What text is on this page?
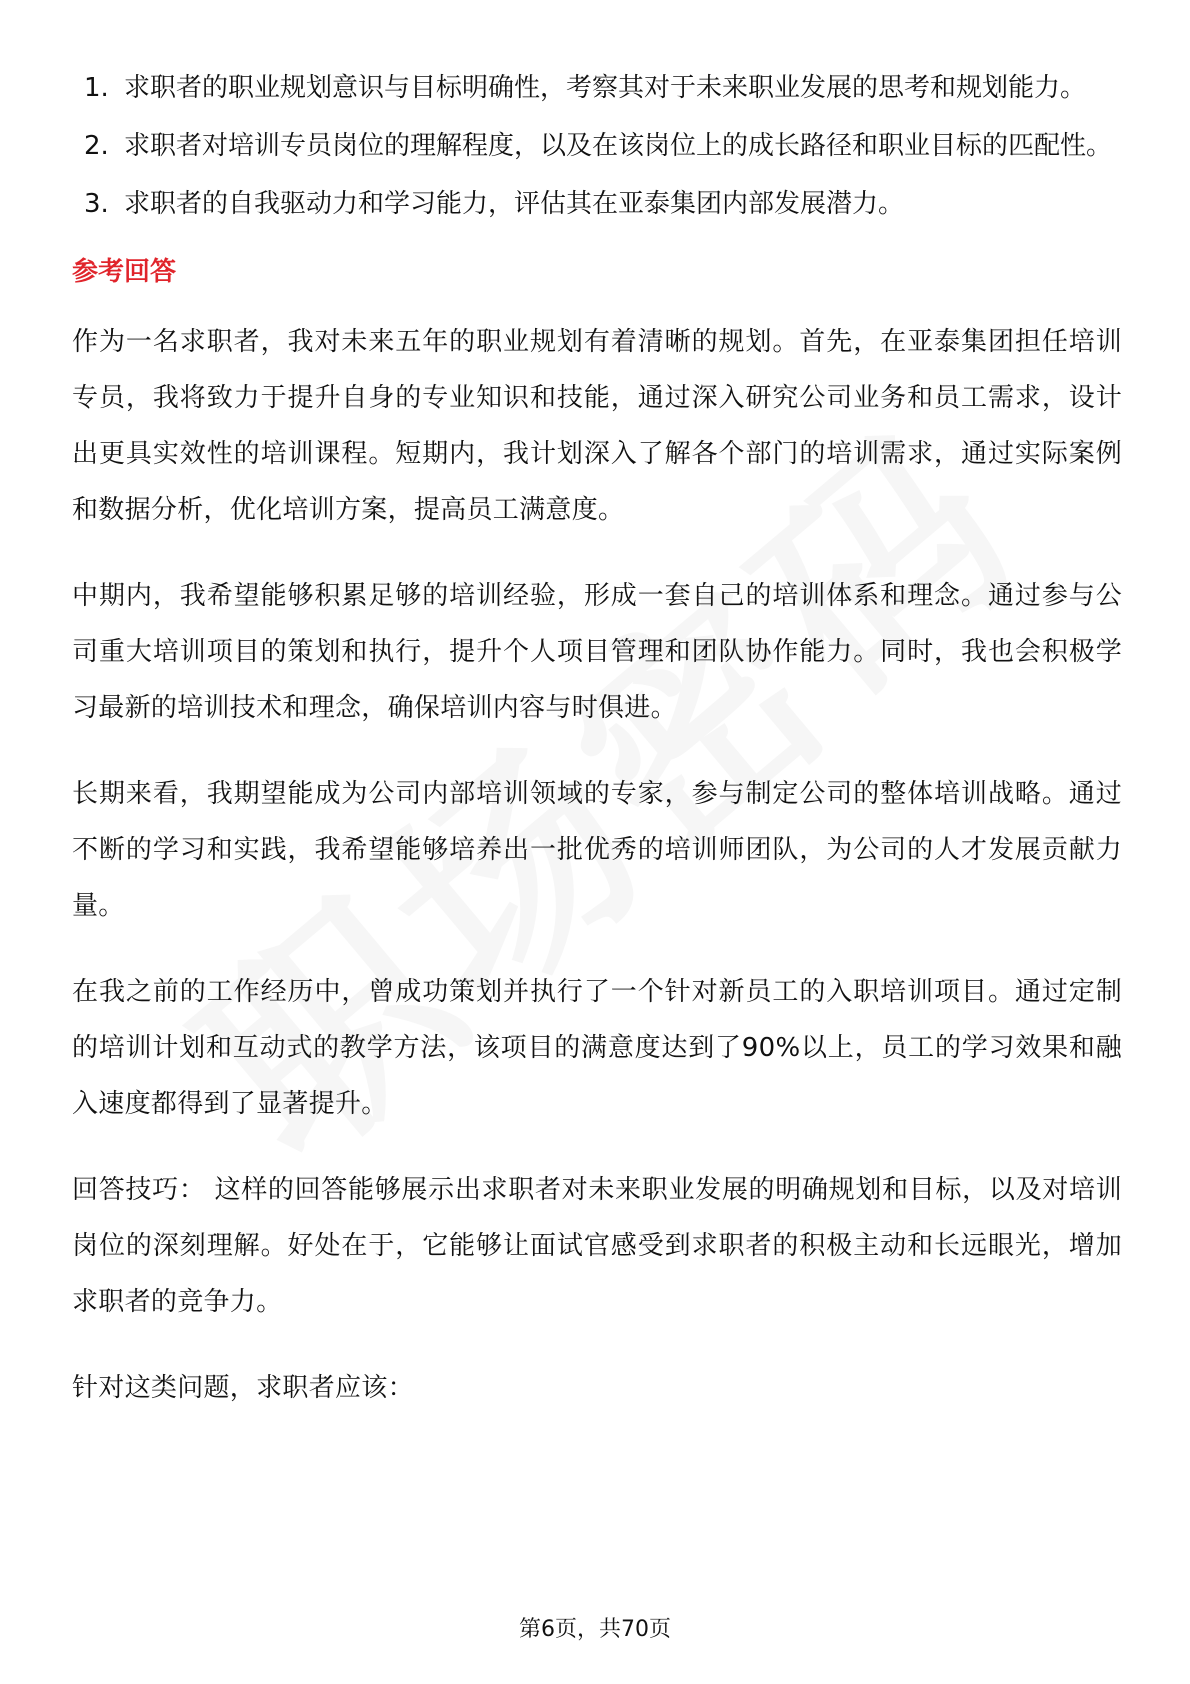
1. 求职者的职业规划意识与目标明确性，考察其对于未来职业发展的思考和规划能力。
2. 求职者对培训专员岗位的理解程度，以及在该岗位上的成长路径和职业目标的匹配性。
3. 求职者的自我驱动力和学习能力，评估其在亚泰集团内部发展潜力。
参考回答

作为一名求职者，我对未来五年的职业规划有着清晰的规划。首先，在亚泰集团担任培训专员，我将致力于提升自身的专业知识和技能，通过深入研究公司业务和员工需求，设计出更具实效性的培训课程。短期内，我计划深入了解各个部门的培训需求，通过实际案例和数据分析，优化培训方案，提高员工满意度。

中期内，我希望能够积累足够的培训经验，形成一套自己的培训体系和理念。通过参与公司重大培训项目的策划和执行，提升个人项目管理和团队协作能力。同时，我也会积极学习最新的培训技术和理念，确保培训内容与时俱进。

长期来看，我期望能成为公司内部培训领域的专家，参与制定公司的整体培训战略。通过不断的学习和实践，我希望能够培养出一批优秀的培训师团队，为公司的人才发展贡献力量。

在我之前的工作经历中，曾成功策划并执行了一个针对新员工的入职培训项目。通过定制的培训计划和互动式的教学方法，该项目的满意度达到了90%以上，员工的学习效果和融入速度都得到了显著提升。

回答技巧： 这样的回答能够展示出求职者对未来职业发展的明确规划和目标，以及对培训岗位的深刻理解。好处在于，它能够让面试官感受到求职者的积极主动和长远眼光，增加求职者的竞争力。

针对这类问题，求职者应该：

第6页，共70页
